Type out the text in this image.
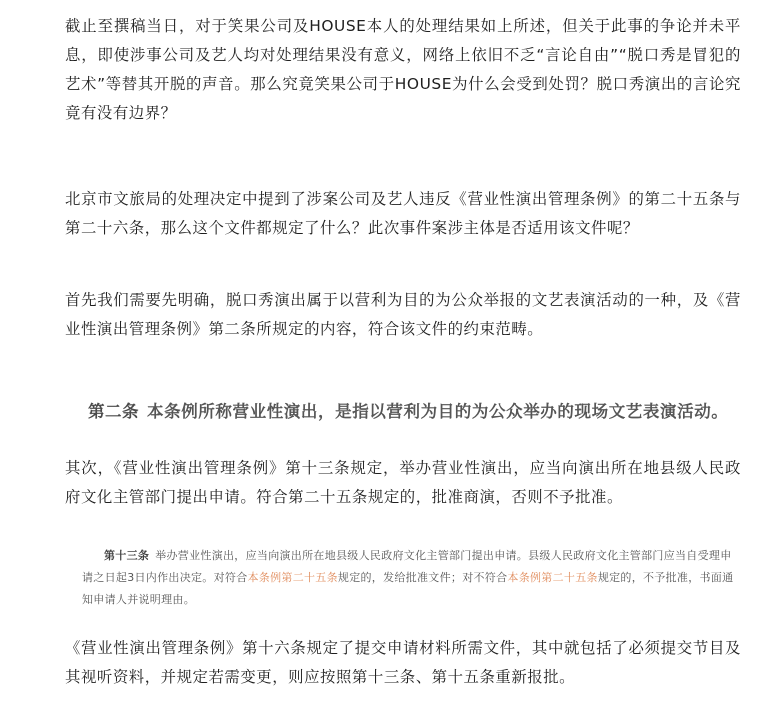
截止至撰稿当日，对于笑果公司及HOUSE本人的处理结果如上所述，但关于此事的争论并未平息，即使涉事公司及艺人均对处理结果没有意义，网络上依旧不乏“言论自由”“脱口秀是冒犯的艺术”等替其开脱的声音。那么究竟笑果公司于HOUSE为什么会受到处罚？脱口秀演出的言论究竟有没有边界？

北京市文旅局的处理决定中提到了涉案公司及艺人违反《营业性演出管理条例》的第二十五条与第二十六条，那么这个文件都规定了什么？此次事件案涉主体是否适用该文件呢？

首先我们需要先明确，脱口秀演出属于以营利为目的为公众举报的文艺表演活动的一种，及《营业性演出管理条例》第二条所规定的内容，符合该文件的约束范畴。

第二条 本条例所称营业性演出，是指以营利为目的为公众举办的现场文艺表演活动。

其次，《营业性演出管理条例》第十三条规定，举办营业性演出，应当向演出所在地县级人民政府文化主管部门提出申请。符合第二十五条规定的，批准商演，否则不予批准。

第十三条 举办营业性演出，应当向演出所在地县级人民政府文化主管部门提出申请。县级人民政府文化主管部门应当自受理申请之日起3日内作出决定。对符合本条例第二十五条规定的，发给批准文件；对不符合本条例第二十五条规定的，不予批准，书面通知申请人并说明理由。

《营业性演出管理条例》第十六条规定了提交申请材料所需文件，其中就包括了必须提交节目及其视听资料，并规定若需变更，则应按照第十三条、第十五条重新报批。
